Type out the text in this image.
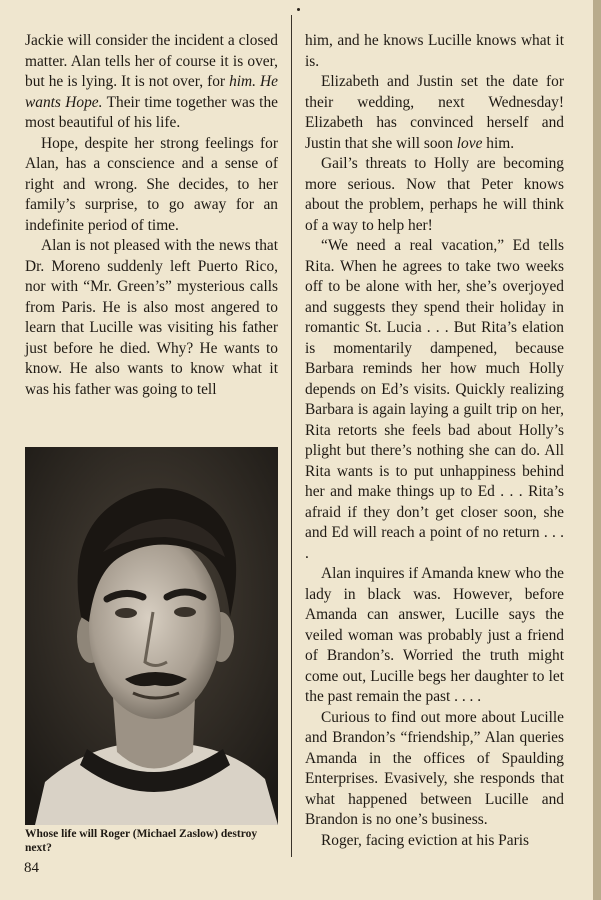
Jackie will consider the incident a closed matter. Alan tells her of course it is over, but he is lying. It is not over, for him. He wants Hope. Their time together was the most beautiful of his life.

Hope, despite her strong feelings for Alan, has a conscience and a sense of right and wrong. She decides, to her family’s surprise, to go away for an indefinite period of time.

Alan is not pleased with the news that Dr. Moreno suddenly left Puerto Rico, nor with “Mr. Green’s” mysterious calls from Paris. He is also most angered to learn that Lucille was visiting his father just before he died. Why? He wants to know. He also wants to know what it was his father was going to tell

him, and he knows Lucille knows what it is.

Elizabeth and Justin set the date for their wedding, next Wednesday! Elizabeth has convinced herself and Justin that she will soon love him.

Gail’s threats to Holly are becoming more serious. Now that Peter knows about the problem, perhaps he will think of a way to help her!

“We need a real vacation,” Ed tells Rita. When he agrees to take two weeks off to be alone with her, she’s overjoyed and suggests they spend their holiday in romantic St. Lucia . . . But Rita’s elation is momentarily dampened, because Barbara reminds her how much Holly depends on Ed’s visits. Quickly realizing Barbara is again laying a guilt trip on her, Rita retorts she feels bad about Holly’s plight but there’s nothing she can do. All Rita wants is to put unhappiness behind her and make things up to Ed . . . Rita’s afraid if they don’t get closer soon, she and Ed will reach a point of no return . . . .

Alan inquires if Amanda knew who the lady in black was. However, before Amanda can answer, Lucille says the veiled woman was probably just a friend of Brandon’s. Worried the truth might come out, Lucille begs her daughter to let the past remain the past . . . .

Curious to find out more about Lucille and Brandon’s “friendship,” Alan queries Amanda in the offices of Spaulding Enterprises. Evasively, she responds that what happened between Lucille and Brandon is no one’s business.

Roger, facing eviction at his Paris

Whose life will Roger (Michael Zaslow) destroy next?
84
